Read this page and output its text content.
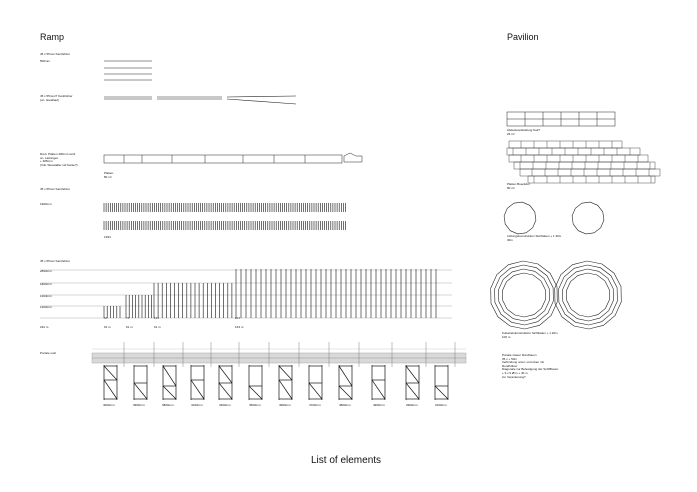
Ramp	Pavilion
List of elements
45 x 55mm Kanthölzer
500mm
45 x 55mm/7 Kanthölzer
(on. Handlauf)
Dreh. Platten 400mm ramf
un. Lattungen
+ 305mm
(Vdo Tausstaller nid Kante?)
Platten
80 m²
45 x 55mm Kanthölzer
1900mm
1394
45 x 55mm Kanthölzer
2800mm
1800mm
1300mm
1300mm
232 m	61 m	61 m	61 m	163 m
64	74	134	204
Portale oval
4000mm	3900mm	3800mm	4100mm	4400mm	4500mm	4900mm	4700mm	4800mm	4900mm	2900mm	3100mm
Abdeckverkleidung Kati?
26 m²
Platten Boeckdor
80 m²
Lüftungskonstruktion Sichtlatten + 1 30m
30m
Kubatreinkonstruktion Sichtlatten + 1 20m
100 m
Portale zweier Rondhaum
35 x + 50m
Verbindung unter- und oben mit
Rundhölzer
Diagonale zur Befestigung der Schiffbaren
+ 9 x 9 Ø/m + 40 m
zur Verankerung?
